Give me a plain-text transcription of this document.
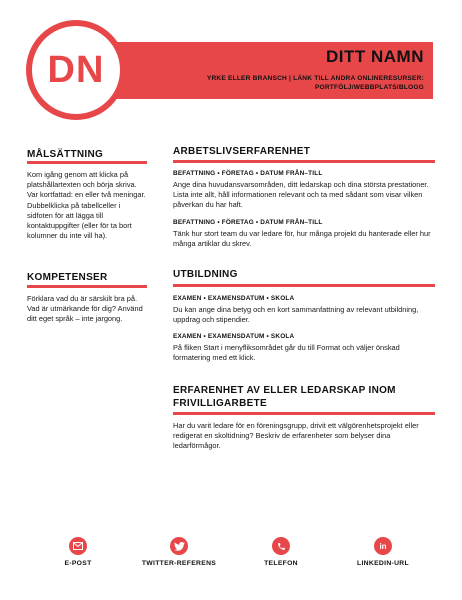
DN	DITT NAMN
YRKE ELLER BRANSCH | LÄNK TILL ANDRA ONLINERESURSER:
PORTFÖLJ/WEBBPLATS/BLOGG
MÅLSÄTTNING
Kom igång genom att klicka på platshållartexten och börja skriva. Var kortfattad: en eller två meningar. Dubbelklicka på tabellceller i sidfoten för att lägga till kontaktuppgifter (eller för ta bort kolumner du inte vill ha).
KOMPETENSER
Förklara vad du är särskilt bra på. Vad är utmärkande för dig? Använd ditt eget språk – inte jargong.
ARBETSLIVSERFARENHET
BEFATTNING • FÖRETAG • DATUM FRÅN–TILL
Ange dina huvudansvarsområden, ditt ledarskap och dina största prestationer. Lista inte allt, håll informationen relevant och ta med sådant som visar vilken påverkan du har haft.
BEFATTNING • FÖRETAG • DATUM FRÅN–TILL
Tänk hur stort team du var ledare för, hur många projekt du hanterade eller hur många artiklar du skrev.
UTBILDNING
EXAMEN • EXAMENSDATUM • SKOLA
Du kan ange dina betyg och en kort sammanfattning av relevant utbildning, uppdrag och stipendier.
EXAMEN • EXAMENSDATUM • SKOLA
På fliken Start i menyfliksområdet går du till Format och väljer önskad formatering med ett klick.
ERFARENHET AV ELLER LEDARSKAP INOM FRIVILLIGARBETE
Har du varit ledare för en föreningsgrupp, drivit ett välgörenhetsprojekt eller redigerat en skoltidning? Beskriv de erfarenheter som belyser dina ledarförmågor.
E-POST	TWITTER-REFERENS	TELEFON
in
LINKEDIN-URL
